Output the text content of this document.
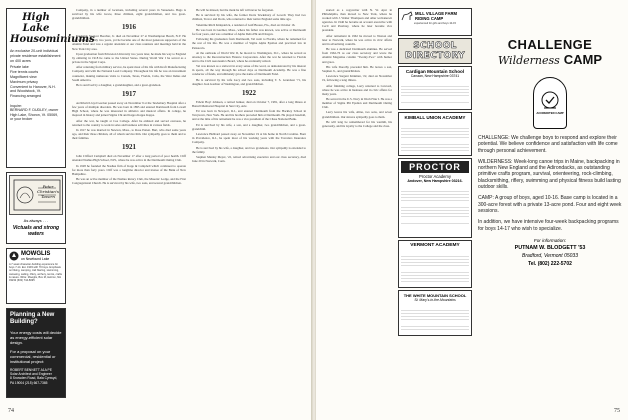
High Lake Housominiums
An exclusive 20-unit individual private residence establishment on 400 acres
Private lake
Five tennis courts
Magnificent view
Maximum privacy
Convenient to Hanover, N.H. and Woodstock, Vt.
Financing arranged
Inquire:
BERNARD F. DUDLEY, owner
High Lake, Shoron, Vt. 05069, or your broker
Peter Christian's Tavern
As always . . .
Victuals and strong waters
MOWGLIS
on Newfound Lake
A 7 week character-building experience for boys 7-14. Est. 1903 with 70 boys. Emphasis on hiking, camping, trail blazing, swimming, canoeing, sailing, riflery, archery, tennis, crafts & nature. Write: Mowglis, Box M, Hebron, NH 03232 (603) 744-8095
Planning a New Building?
Your energy costs will decide as energy-efficient solar design.
For a proposal on your commercial, residential or institutional project:
ROBERT BENNETT A1A PE
Solar Architect and Engineer
8 Snowden Road, Bala Cynwyd, PA 19004 (215) 667-7365

Company, in a number of locations, including several years in Venezuela. Bugs is survived by his wife Grace, three children, eight grandchildren, and two great-grandchildren.

1916

Frederick Spencer Beecher, Jr. died on November 27 at Westhampton Beach, N.Y. He was with us for only two years, yet he became one of the most generous supporters of the Alumni Fund and was a regular attendant at our class reunions and meetings held in the New York City area.

Upon graduation from Princeton University two years later, he made his way to England by enlisting in 1918 he came to the United States. During World War I he served as a private in the Signal Corps.

After returning from military service, he spent most of his life with Kraft Manufacturing Company and with the National Lead Company. Throughout his life he was an investment counselor, making numerous visits to Canada, Texas, Florida, Cuba, the West Indies and South America.

He is survived by a daughter, a granddaughter, and a great-grandson.

1917

Archibald Lloyd Gordon passed away on November 9 at the Tewksbury Hospital after a few years of multiple disorders. He was born in 1895 and entered Dartmouth from Lowell High School, where he was interested in athletics and musical affairs. In college, he majored in history and joined Sigma Chi and Kappa Kappa Kappa.

After the war, he taught at Coe College. After he enlisted and served overseas, he returned to the country to work in sales and business activities in various fields.

In 1917 he was married in Newton, Mass., to Rose Patten. Burt, who died some years ago, and their three children, all of whom survive him. Our sympathy goes to them and to their families.

1921

John Clifford Campbell died on November 17 after a long period of poor health. Cliff attended Nashua High School, N.H., where he was active in the Dartmouth Outing Club.

In 1928 he founded the Nashua firm of Kapp & Campbell which continued to operate for more than forty years. Cliff was a longtime director and trustee of the Bank of New Hampshire.

He was an active member of the Nashua Rotary Club, the Masonic Lodge, and the First Congregational Church. He is survived by his wife, two sons, and several grandchildren.

He will be missed, but the mark he left will never be forgotten.

He is survived by his wife, the former Doris Tewksbury of Lowell. They had two children, Trevor and Doris, who returned to their native England some time ago.

Valentine Ritch Kirkpatrick, a resident of Gulf Breeze, Fla., died on October 16.

He was born in Gardner, Mass., where his father was known, was active at Dartmouth for four years, and was a member of Alpha Delta Phi and Dragon.

Following his graduation from Dartmouth, Val went to Florida, where he remained for the rest of his life. He was a member of Sigma Alpha Epsilon and practiced law in Pensacola.

At the outbreak of World War II, he moved to Washington, D.C., where he served as attorney to the Reconstruction Finance Corporation. After the war he returned to Florida and to the Civil Aeronautics Board, where he eventually retired.

Val was known as a stalwart in every sense of the word, as demonstrated by his interest in sports, all the way through his school days as Dartmouth Academy. He was a fine conductor of funds, and ultimately gave the name of Dartmouth Fund.

He is survived by his wife Lucy and two sons, including T. S. Grandson '71, his daughter Joan Gardner of Washington, and grandchildren.

1922

Edwin Hoyt Johnson, a retired banker, died on October 7, 1981, after a long illness at Burrell Memorial Hospital in Sun City, Ariz.

Ed was born in Newport, R.I., and entered Dartmouth from the Hackley School in Tarrytown, New York. He and his brothers preceded him at Dartmouth. He played baseball, and at the time of his retirement he was a vice president of the Chase National Bank.

Ed is survived by his wife, a son, and a daughter, two grandchildren, and a great-grandchild.

Lawrence Hubbard passed away on November 19 at his home in North Carolina. Born in Providence, R.I., he spent most of his working years with the Travelers Insurance Company.

He is survived by his wife, a daughter, and two grandsons. Our sympathy is extended to the family.

Stephen Manley Meyer, '22, retired advertising executive and our class secretary, died June 20 in Norwalk, Conn.

74

started as a copywriter with N. W. Ayer in Philadelphia, then moved to New York, where he worked with J. Walter Thompson and other well-known agencies. In 1946 he became an account executive with Cecil and Presbrey, where he later became vice president.

After retirement in 1962 he moved to Weston and later to Norwalk, where he was active in civic affairs and in advertising councils.

He was a dedicated Dartmouth alumnus. He served from 1962-76 as our class secretary and wrote the Alumni Magazine column "Twenty-Two" with humor and grace.

His wife Dorothy preceded him. He leaves a son, Stephen Jr., and grandchildren.

Lawrence Sargent Kirkman, '22, died on November 19, following a long illness.

After finishing college, Larry returned to Concord, where he was active in business and in civic affairs for many years.

He served in the U.S. Navy in World War I. He was a member of Sigma Phi Epsilon and Dartmouth Outing Club.

Larry leaves his wife, Aline, two sons, and seven grandchildren. Our sincere sympathy goes to them.

He will long be remembered for his warmth, his generosity, and his loyalty to the College and the class.

MILL VILLAGE FARM RIDING CAMP
experienced for girls and boys 10-15
SCHOOL DIRECTORY
Cardigan Mountain School
Canaan, New Hampshire 03741
KIMBALL UNION ACADEMY
PROCTOR
Proctor Academy
Andover, New Hampshire 03216.
VERMONT ACADEMY
THE WHITE MOUNTAIN SCHOOL
St. Mary's-in-the-Mountains
CHALLENGE
Wilderness CAMP
ACCREDITED CAMP
CHALLENGE: We challenge boys to respond and explore their potential. We believe confidence and satisfaction with life come through personal achievement.
WILDERNESS: Week-long canoe trips in Maine, backpacking in northern New England and the Adirondacks, as outstanding primitive crafts program, survival, orienteering, rock-climbing, blacksmithing, riflery, swimming and physical fitness build lasting outdoor skills.
CAMP: A group of boys, aged 10-16. Base camp is located in a 300-acre forest with a private 13-acre pond. Four and eight week sessions.
In addition, we have intensive four-week backpacking programs for boys 14-17 who wish to specialize.
For information:
PUTNAM W. BLODGETT '53
Bradford, Vermont 05033
Tel. (802) 222-5702
75
